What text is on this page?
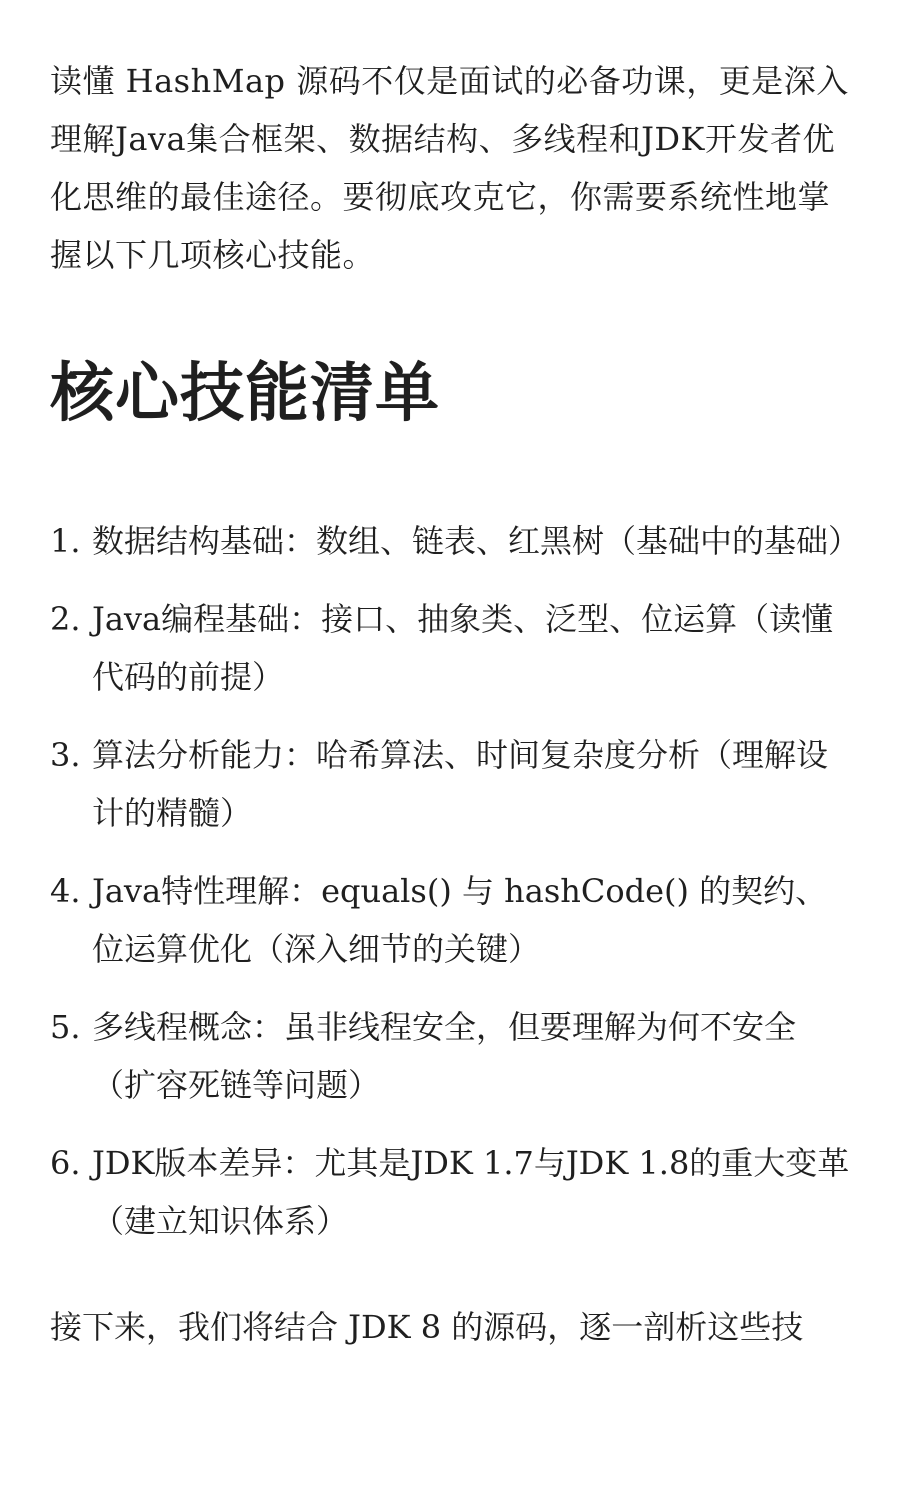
读懂 HashMap 源码不仅是面试的必备功课，更是深入理解Java集合框架、数据结构、多线程和JDK开发者优化思维的最佳途径。要彻底攻克它，你需要系统性地掌握以下几项核心技能。

核心技能清单
1. 数据结构基础：数组、链表、红黑树（基础中的基础）
2. Java编程基础：接口、抽象类、泛型、位运算（读懂代码的前提）
3. 算法分析能力：哈希算法、时间复杂度分析（理解设计的精髓）
4. Java特性理解：equals() 与 hashCode() 的契约、位运算优化（深入细节的关键）
5. 多线程概念：虽非线程安全，但要理解为何不安全（扩容死链等问题）
6. JDK版本差异：尤其是JDK 1.7与JDK 1.8的重大变革（建立知识体系）

接下来，我们将结合 JDK 8 的源码，逐一剖析这些技
